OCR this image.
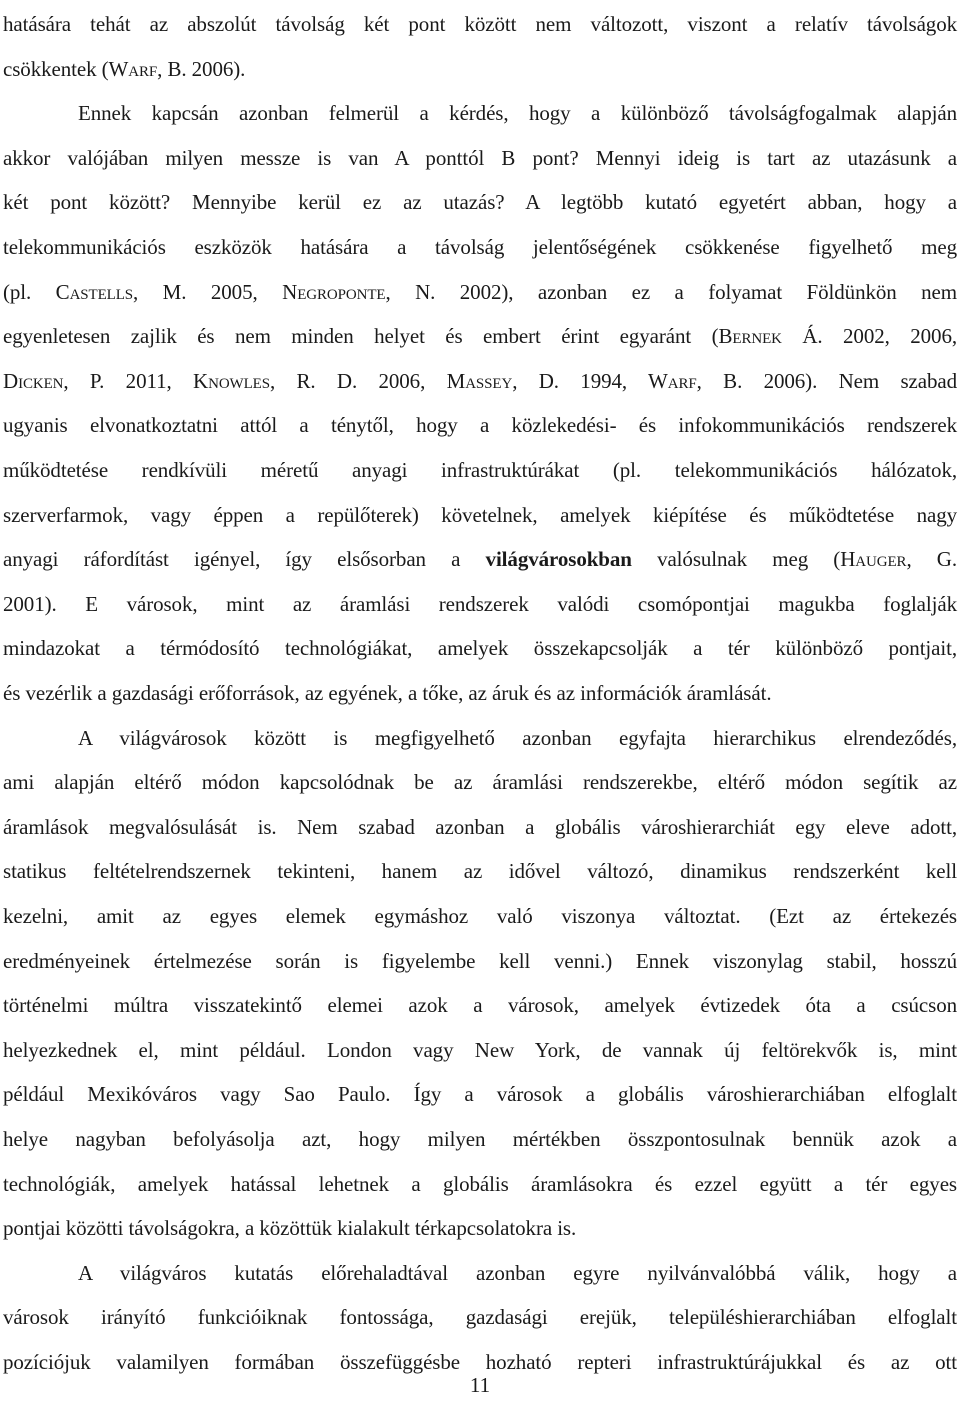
hatására tehát az abszolút távolság két pont között nem változott, viszont a relatív távolságok
csökkentek (Warf, B. 2006).
Ennek kapcsán azonban felmerül a kérdés, hogy a különböző távolságfogalmak alapján
akkor valójában milyen messze is van A ponttól B pont? Mennyi ideig is tart az utazásunk a
két pont között? Mennyibe kerül ez az utazás? A legtöbb kutató egyetért abban, hogy a
telekommunikációs eszközök hatására a távolság jelentőségének csökkenése figyelhető meg
(pl. Castells, M. 2005, Negroponte, N. 2002), azonban ez a folyamat Földünkön nem
egyenletesen zajlik és nem minden helyet és embert érint egyaránt (Bernek Á. 2002, 2006,
Dicken, P. 2011, Knowles, R. D. 2006, Massey, D. 1994, Warf, B. 2006). Nem szabad
ugyanis elvonatkoztatni attól a ténytől, hogy a közlekedési- és infokommunikációs rendszerek
működtetése rendkívüli méretű anyagi infrastruktúrákat (pl. telekommunikációs hálózatok,
szerverfarmok, vagy éppen a repülőterek) követelnek, amelyek kiépítése és működtetése nagy
anyagi ráfordítást igényel, így elsősorban a világvárosokban valósulnak meg (Hauger, G.
2001). E városok, mint az áramlási rendszerek valódi csomópontjai magukba foglalják
mindazokat a térmódosító technológiákat, amelyek összekapcsolják a tér különböző pontjait,
és vezérlik a gazdasági erőforrások, az egyének, a tőke, az áruk és az információk áramlását.
A világvárosok között is megfigyelhető azonban egyfajta hierarchikus elrendeződés,
ami alapján eltérő módon kapcsolódnak be az áramlási rendszerekbe, eltérő módon segítik az
áramlások megvalósulását is. Nem szabad azonban a globális városhierarchiát egy eleve adott,
statikus feltételrendszernek tekinteni, hanem az idővel változó, dinamikus rendszerként kell
kezelni, amit az egyes elemek egymáshoz való viszonya változtat. (Ezt az értekezés
eredményeinek értelmezése során is figyelembe kell venni.) Ennek viszonylag stabil, hosszú
történelmi múltra visszatekintő elemei azok a városok, amelyek évtizedek óta a csúcson
helyezkednek el, mint például. London vagy New York, de vannak új feltörekvők is, mint
például Mexikóváros vagy Sao Paulo. Így a városok a globális városhierarchiában elfoglalt
helye nagyban befolyásolja azt, hogy milyen mértékben összpontosulnak bennük azok a
technológiák, amelyek hatással lehetnek a globális áramlásokra és ezzel együtt a tér egyes
pontjai közötti távolságokra, a közöttük kialakult térkapcsolatokra is.
A világváros kutatás előrehaladtával azonban egyre nyilvánvalóbbá válik, hogy a
városok irányító funkcióiknak fontossága, gazdasági erejük, településhierarchiában elfoglalt
pozíciójuk valamilyen formában összefüggésbe hozható repteri infrastruktúrájukkal és az ott
11
